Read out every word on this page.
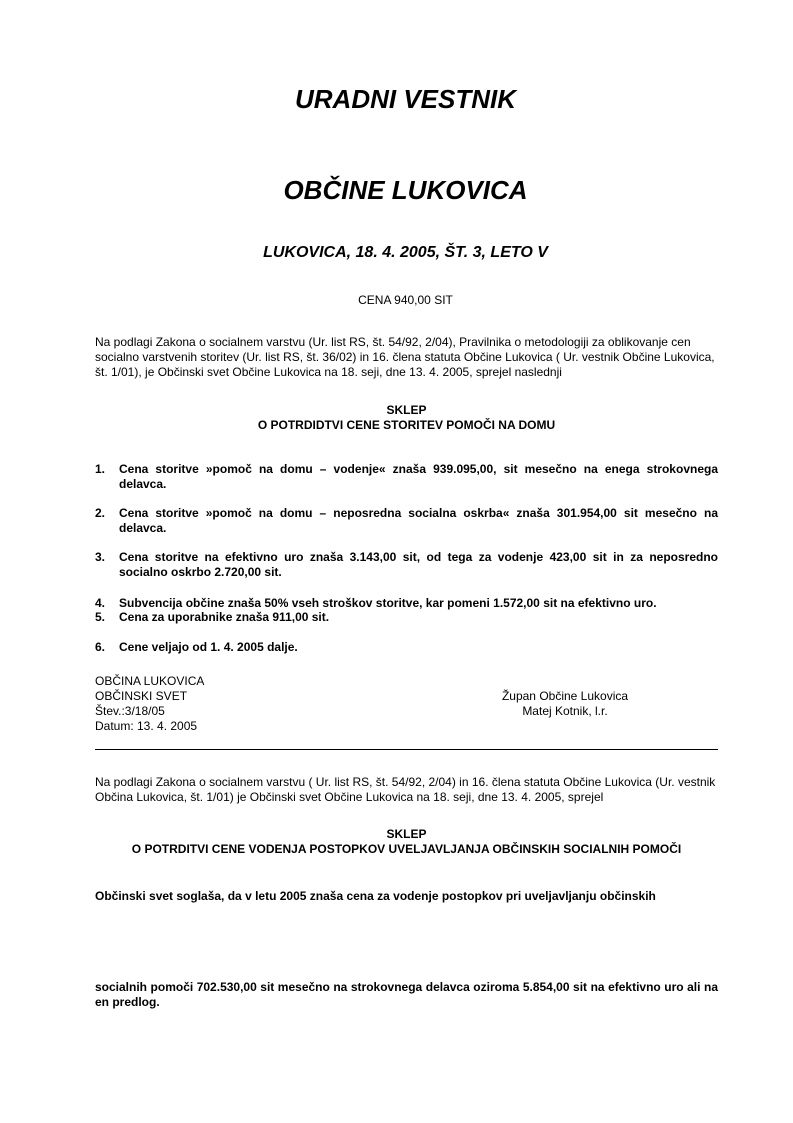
URADNI VESTNIK
OBČINE LUKOVICA
LUKOVICA, 18. 4. 2005, ŠT. 3, LETO V
CENA 940,00 SIT
Na podlagi Zakona o socialnem varstvu (Ur. list RS, št. 54/92, 2/04), Pravilnika o metodologiji za oblikovanje cen socialno varstvenih storitev (Ur. list RS, št. 36/02) in 16. člena statuta Občine Lukovica ( Ur. vestnik Občine Lukovica, št. 1/01), je Občinski svet Občine Lukovica na 18. seji, dne 13. 4. 2005, sprejel naslednji
SKLEP
O POTRDIDTVI CENE STORITEV POMOČI NA DOMU
1.	Cena storitve »pomoč na domu – vodenje« znaša 939.095,00, sit mesečno na enega strokovnega delavca.
2.	Cena storitve »pomoč na domu – neposredna socialna oskrba« znaša 301.954,00 sit mesečno na delavca.
3.	Cena storitve na efektivno uro znaša 3.143,00 sit, od tega za vodenje 423,00 sit in za neposredno socialno oskrbo 2.720,00 sit.
4.	Subvencija občine znaša 50% vseh stroškov storitve, kar pomeni 1.572,00 sit na efektivno uro.
5.	Cena za uporabnike znaša 911,00 sit.
6.	Cene veljajo od 1. 4. 2005 dalje.
OBČINA LUKOVICA
OBČINSKI SVET
Štev.:3/18/05
Datum: 13. 4. 2005
Župan Občine Lukovica
Matej Kotnik, l.r.
Na podlagi Zakona o socialnem varstvu ( Ur. list RS, št. 54/92, 2/04) in 16. člena statuta Občine Lukovica (Ur. vestnik Občina Lukovica, št. 1/01) je Občinski svet Občine Lukovica na 18. seji, dne 13. 4. 2005, sprejel
SKLEP
O POTRDITVI CENE VODENJA POSTOPKOV UVELJAVLJANJA OBČINSKIH SOCIALNIH POMOČI
Občinski svet soglaša, da v letu 2005 znaša cena za vodenje postopkov pri uveljavljanju občinskih
socialnih pomoči 702.530,00 sit mesečno na strokovnega delavca oziroma 5.854,00 sit na efektivno uro ali na en predlog.
